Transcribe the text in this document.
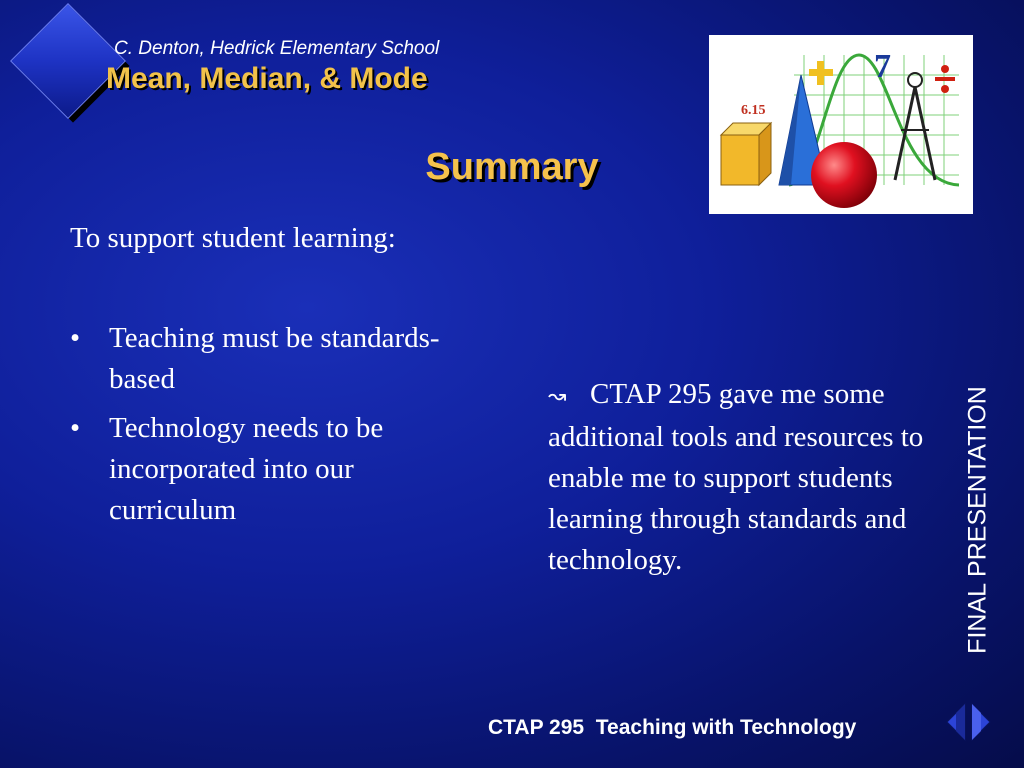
C. Denton, Hedrick Elementary School
Mean, Median, & Mode
Summary
6.15
7
To support student learning:
• Teaching must be standards-based
• Technology needs to be incorporated into our curriculum
↝ CTAP 295 gave me some additional tools and resources to enable me to support students learning through standards and technology.	FINAL PRESENTATION
CTAP 295  Teaching with Technology
